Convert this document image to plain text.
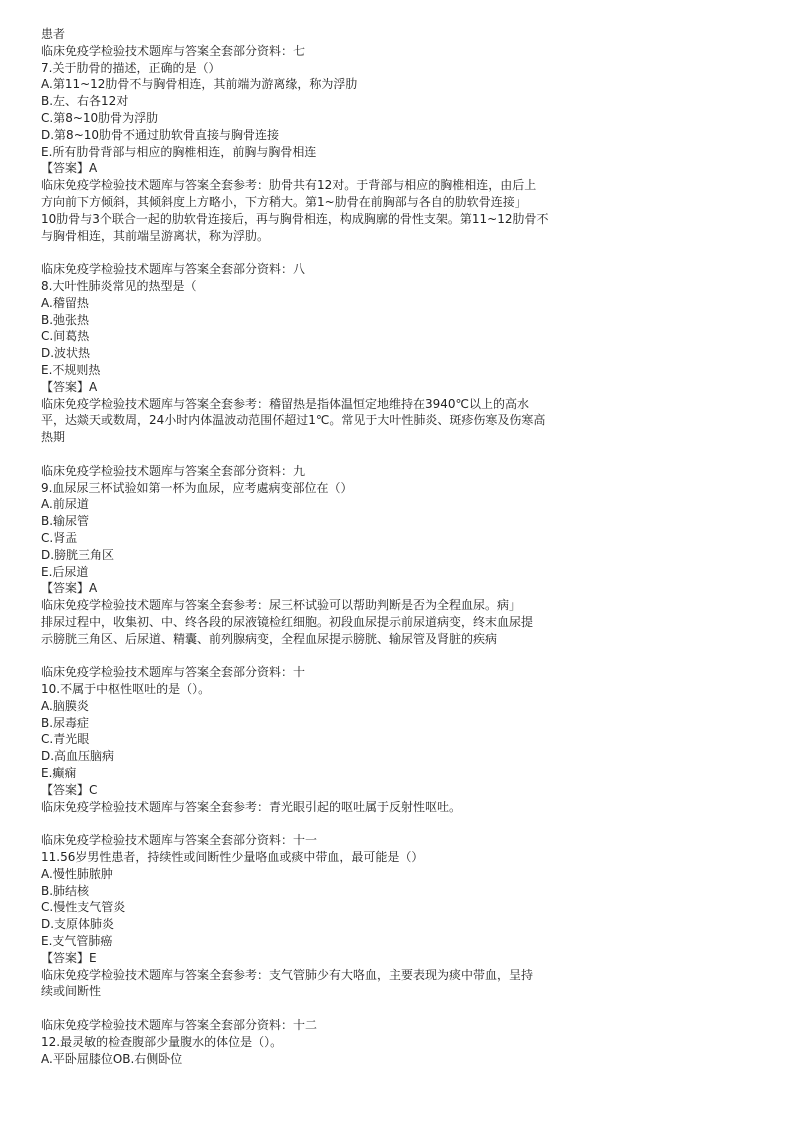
患者

临床免疫学检验技术题库与答案全套部分资料：七

7.关于肋骨的描述，正确的是（）

A.第11~12肋骨不与胸骨相连，其前端为游离缘，称为浮肋

B.左、右各12对

C.第8~10肋骨为浮肋

D.第8~10肋骨不通过肋软骨直接与胸骨连接

E.所有肋骨背部与相应的胸椎相连，前胸与胸骨相连

【答案】A

临床免疫学检验技术题库与答案全套参考：肋骨共有12对。于背部与相应的胸椎相连，由后上

方向前下方倾斜，其倾斜度上方略小，下方稍大。第1~肋骨在前胸部与各自的肋软骨连接」

10肋骨与3个联合一起的肋软骨连接后，再与胸骨相连，构成胸廓的骨性支架。第11~12肋骨不

与胸骨相连，其前端呈游离状，称为浮肋。

临床免疫学检验技术题库与答案全套部分资料：八

8.大叶性肺炎常见的热型是（

A.稽留热

B.弛张热

C.间葛热

D.波状热

E.不规则热

【答案】A

临床免疫学检验技术题库与答案全套参考：稽留热是指体温恒定地维持在3940℃以上的高水

平，达燚天或数周，24小时内体温波动范围伓超过1℃。常见于大叶性肺炎、斑疹伤寒及伤寒高

热期

临床免疫学检验技术题库与答案全套部分资料：九

9.血尿尿三杯试验如第一杯为血尿，应考處病变部位在（）

A.前尿道

B.输尿管

C.肾盂

D.膀胱三角区

E.后尿道

【答案】A

临床免疫学检验技术题库与答案全套参考：尿三杯试验可以帮助判断是否为全程血尿。病」

排尿过程中，收集初、中、终各段的尿液镜检红细胞。初段血尿提示前尿道病变，终末血尿提

示膀胱三角区、后尿道、精囊、前列腺病变，全程血尿提示膀胱、输尿管及肾脏的疾病

临床免疫学检验技术题库与答案全套部分资料：十

10.不属于中枢性呕吐的是（）。

A.脑膜炎

B.尿毒症

C.青光眼

D.高血压脑病

E.癫痫

【答案】C

临床免疫学检验技术题库与答案全套参考：青光眼引起的呕吐属于反射性呕吐。

临床免疫学检验技术题库与答案全套部分资料：十一

11.56岁男性患者，持续性或间断性少量咯血或痰中带血，最可能是（）

A.慢性肺脓肿

B.肺结核

C.慢性支气管炎

D.支原体肺炎

E.支气管肺癌

【答案】E

临床免疫学检验技术题库与答案全套参考：支气管肺少有大咯血，主要表现为痰中带血，呈持

续或间断性

临床免疫学检验技术题库与答案全套部分资料：十二

12.最灵敏的检查腹部少量腹水的体位是（）。

A.平卧屈膝位OB.右侧卧位
